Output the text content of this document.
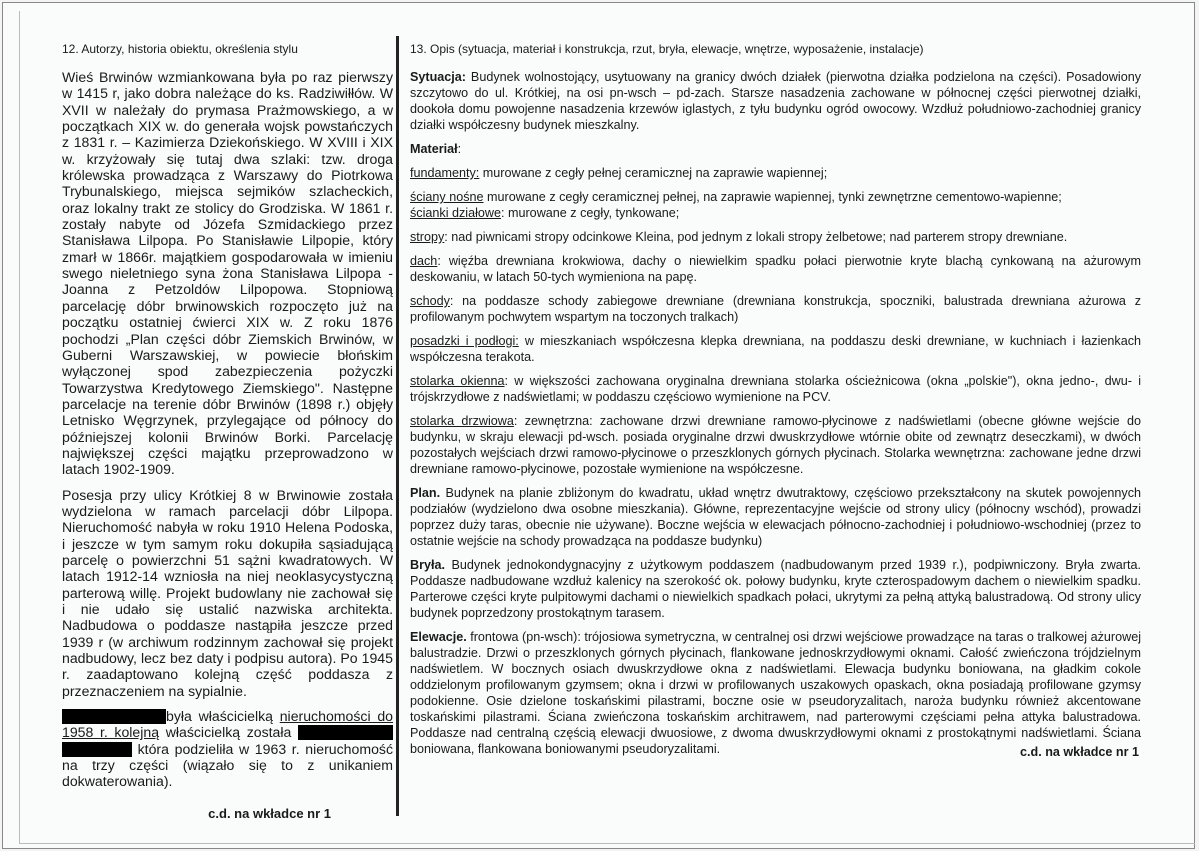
12. Autorzy, historia obiektu, określenia stylu

Wieś Brwinów wzmiankowana była po raz pierwszy w 1415 r, jako dobra należące do ks. Radziwiłłów. W XVII w należały do prymasa Prażmowskiego, a w początkach XIX w. do generała wojsk powstańczych z 1831 r. – Kazimierza Dziekońskiego. W XVIII i XIX w. krzyżowały się tutaj dwa szlaki: tzw. droga królewska prowadząca z Warszawy do Piotrkowa Trybunalskiego, miejsca sejmików szlacheckich, oraz lokalny trakt ze stolicy do Grodziska. W 1861 r. zostały nabyte od Józefa Szmidackiego przez Stanisława Lilpopa. Po Stanisławie Lilpopie, który zmarł w 1866r. majątkiem gospodarowała w imieniu swego nieletniego syna żona Stanisława Lilpopa - Joanna z Petzoldów Lilpopowa. Stopniową parcelację dóbr brwinowskich rozpoczęto już na początku ostatniej ćwierci XIX w. Z roku 1876 pochodzi „Plan części dóbr Ziemskich Brwinów, w Guberni Warszawskiej, w powiecie błońskim wyłączonej spod zabezpieczenia pożyczki Towarzystwa Kredytowego Ziemskiego". Następne parcelacje na terenie dóbr Brwinów (1898 r.) objęły Letnisko Węgrzynek, przylegające od północy do późniejszej kolonii Brwinów Borki. Parcelację największej części majątku przeprowadzono w latach 1902-1909.

Posesja przy ulicy Krótkiej 8 w Brwinowie została wydzielona w ramach parcelacji dóbr Lilpopa. Nieruchomość nabyła w roku 1910 Helena Podoska, i jeszcze w tym samym roku dokupiła sąsiadującą parcelę o powierzchni 51 sążni kwadratowych. W latach 1912-14 wzniosła na niej neoklasycystyczną parterową willę. Projekt budowlany nie zachował się i nie udało się ustalić nazwiska architekta. Nadbudowa o poddasze nastąpiła jeszcze przed 1939 r (w archiwum rodzinnym zachował się projekt nadbudowy, lecz bez daty i podpisu autora). Po 1945 r. zaadaptowano kolejną część poddasza z przeznaczeniem na sypialnie.

była właścicielką nieruchomości do 1958 r. kolejną właścicielką została   która podzieliła w 1963 r. nieruchomość na trzy części (wiązało się to z unikaniem dokwaterowania).

c.d. na wkładce nr 1
13. Opis (sytuacja, materiał i konstrukcja, rzut, bryła, elewacje, wnętrze, wyposażenie, instalacje)

Sytuacja: Budynek wolnostojący, usytuowany na granicy dwóch działek (pierwotna działka podzielona na części). Posadowiony szczytowo do ul. Krótkiej, na osi pn-wsch – pd-zach. Starsze nasadzenia zachowane w północnej części pierwotnej działki, dookoła domu powojenne nasadzenia krzewów iglastych, z tyłu budynku ogród owocowy. Wzdłuż południowo-zachodniej granicy działki współczesny budynek mieszkalny.

Materiał:

fundamenty: murowane z cegły pełnej ceramicznej na zaprawie wapiennej;

ściany nośne murowane z cegły ceramicznej pełnej, na zaprawie wapiennej, tynki zewnętrzne cementowo-wapienne;
ścianki działowe: murowane z cegły, tynkowane;

stropy: nad piwnicami stropy odcinkowe Kleina, pod jednym z lokali stropy żelbetowe; nad parterem stropy drewniane.

dach: więźba drewniana krokwiowa, dachy o niewielkim spadku połaci pierwotnie kryte blachą cynkowaną na ażurowym deskowaniu, w latach 50-tych wymieniona na papę.

schody: na poddasze schody zabiegowe drewniane (drewniana konstrukcja, spoczniki, balustrada drewniana ażurowa z profilowanym pochwytem wspartym na toczonych tralkach)

posadzki i podłogi: w mieszkaniach współczesna klepka drewniana, na poddaszu deski drewniane, w kuchniach i łazienkach współczesna terakota.

stolarka okienna: w większości zachowana oryginalna drewniana stolarka ościeżnicowa (okna „polskie"), okna jedno-, dwu- i trójskrzydłowe z nadświetlami; w poddaszu częściowo wymienione na PCV.

stolarka drzwiowa: zewnętrzna: zachowane drzwi drewniane ramowo-płycinowe z nadświetlami (obecne główne wejście do budynku, w skraju elewacji pd-wsch. posiada oryginalne drzwi dwuskrzydłowe wtórnie obite od zewnątrz deseczkami), w dwóch pozostałych wejściach drzwi ramowo-płycinowe o przeszklonych górnych płycinach. Stolarka wewnętrzna: zachowane jedne drzwi drewniane ramowo-płycinowe, pozostałe wymienione na współczesne.

Plan. Budynek na planie zbliżonym do kwadratu, układ wnętrz dwutraktowy, częściowo przekształcony na skutek powojennych podziałów (wydzielono dwa osobne mieszkania). Główne, reprezentacyjne wejście od strony ulicy (północny wschód), prowadzi poprzez duży taras, obecnie nie używane). Boczne wejścia w elewacjach północno-zachodniej i południowo-wschodniej (przez to ostatnie wejście na schody prowadząca na poddasze budynku)

Bryła. Budynek jednokondygnacyjny z użytkowym poddaszem (nadbudowanym przed 1939 r.), podpiwniczony. Bryła zwarta. Poddasze nadbudowane wzdłuż kalenicy na szerokość ok. połowy budynku, kryte czterospadowym dachem o niewielkim spadku. Parterowe części kryte pulpitowymi dachami o niewielkich spadkach połaci, ukrytymi za pełną attyką balustradową. Od strony ulicy budynek poprzedzony prostokątnym tarasem.

Elewacje. frontowa (pn-wsch): trójosiowa symetryczna, w centralnej osi drzwi wejściowe prowadzące na taras o tralkowej ażurowej balustradzie. Drzwi o przeszklonych górnych płycinach, flankowane jednoskrzydłowymi oknami. Całość zwieńczona trójdzielnym nadświetlem. W bocznych osiach dwuskrzydłowe okna z nadświetlami. Elewacja budynku boniowana, na gładkim cokole oddzielonym profilowanym gzymsem; okna i drzwi w profilowanych uszakowych opaskach, okna posiadają profilowane gzymsy podokienne. Osie dzielone toskańskimi pilastrami, boczne osie w pseudoryzalitach, naroża budynku również akcentowane toskańskimi pilastrami. Ściana zwieńczona toskańskim architrawem, nad parterowymi częściami pełna attyka balustradowa. Poddasze nad centralną częścią elewacji dwuosiowe, z dwoma dwuskrzydłowymi oknami z prostokątnymi nadświetlami. Ściana boniowana, flankowana boniowanymi pseudoryzalitami.	c.d. na wkładce nr 1
